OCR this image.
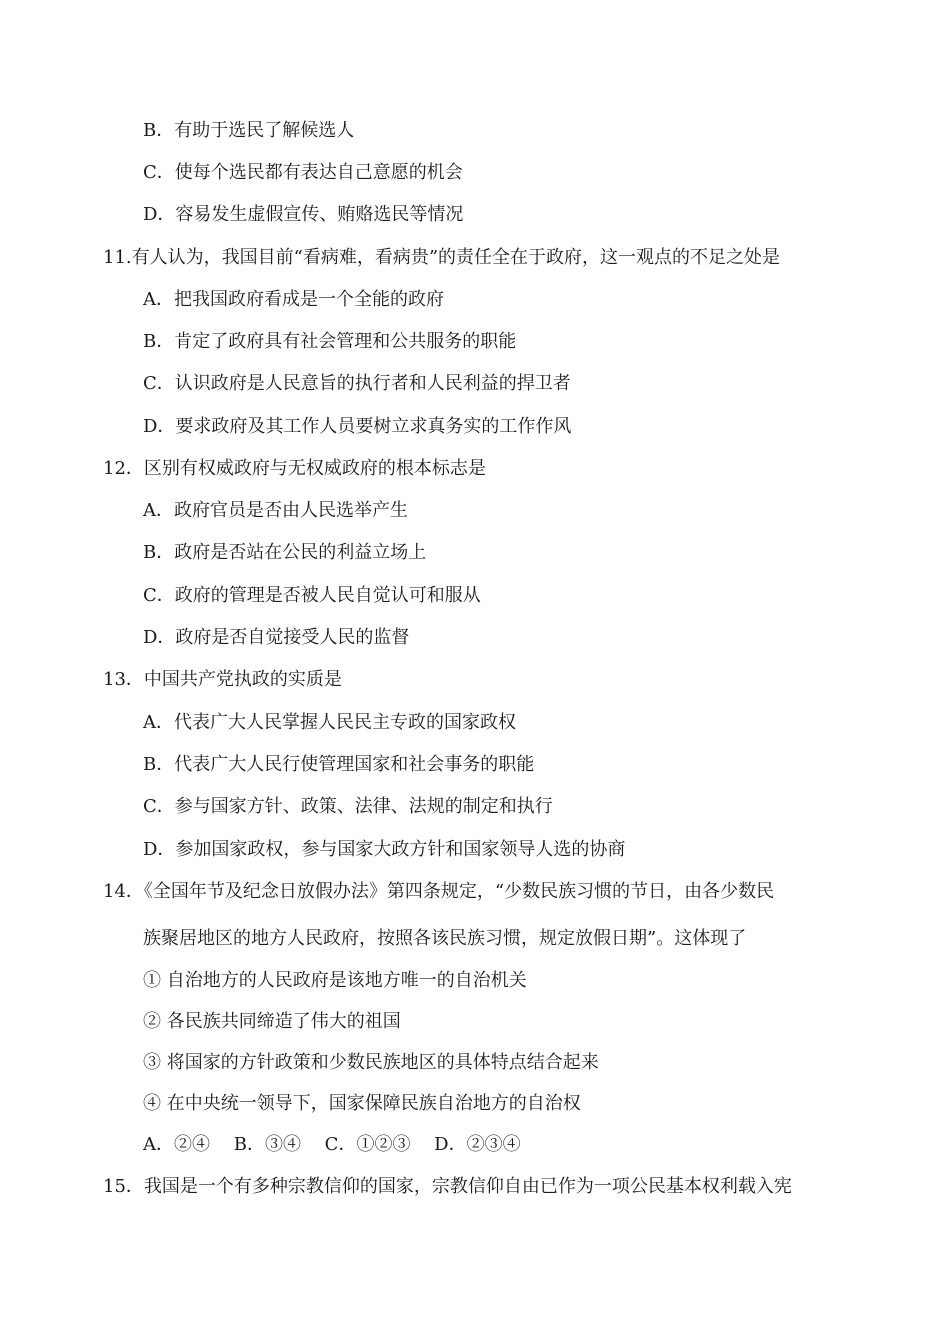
B．有助于选民了解候选人
C．使每个选民都有表达自己意愿的机会
D．容易发生虚假宣传、贿赂选民等情况
11.有人认为，我国目前“看病难，看病贵”的责任全在于政府，这一观点的不足之处是
A．把我国政府看成是一个全能的政府
B．肯定了政府具有社会管理和公共服务的职能
C．认识政府是人民意旨的执行者和人民利益的捍卫者
D．要求政府及其工作人员要树立求真务实的工作作风
12．区别有权威政府与无权威政府的根本标志是
A．政府官员是否由人民选举产生
B．政府是否站在公民的利益立场上
C．政府的管理是否被人民自觉认可和服从
D．政府是否自觉接受人民的监督
13．中国共产党执政的实质是
A．代表广大人民掌握人民民主专政的国家政权
B．代表广大人民行使管理国家和社会事务的职能
C．参与国家方针、政策、法律、法规的制定和执行
D．参加国家政权，参与国家大政方针和国家领导人选的协商
14．《全国年节及纪念日放假办法》第四条规定，“少数民族习惯的节日，由各少数民
族聚居地区的地方人民政府，按照各该民族习惯，规定放假日期”。这体现了
① 自治地方的人民政府是该地方唯一的自治机关
② 各民族共同缔造了伟大的祖国
③ 将国家的方针政策和少数民族地区的具体特点结合起来
④ 在中央统一领导下，国家保障民族自治地方的自治权
A．②④　 B．③④　 C．①②③　 D．②③④
15．我国是一个有多种宗教信仰的国家，宗教信仰自由已作为一项公民基本权利载入宪
